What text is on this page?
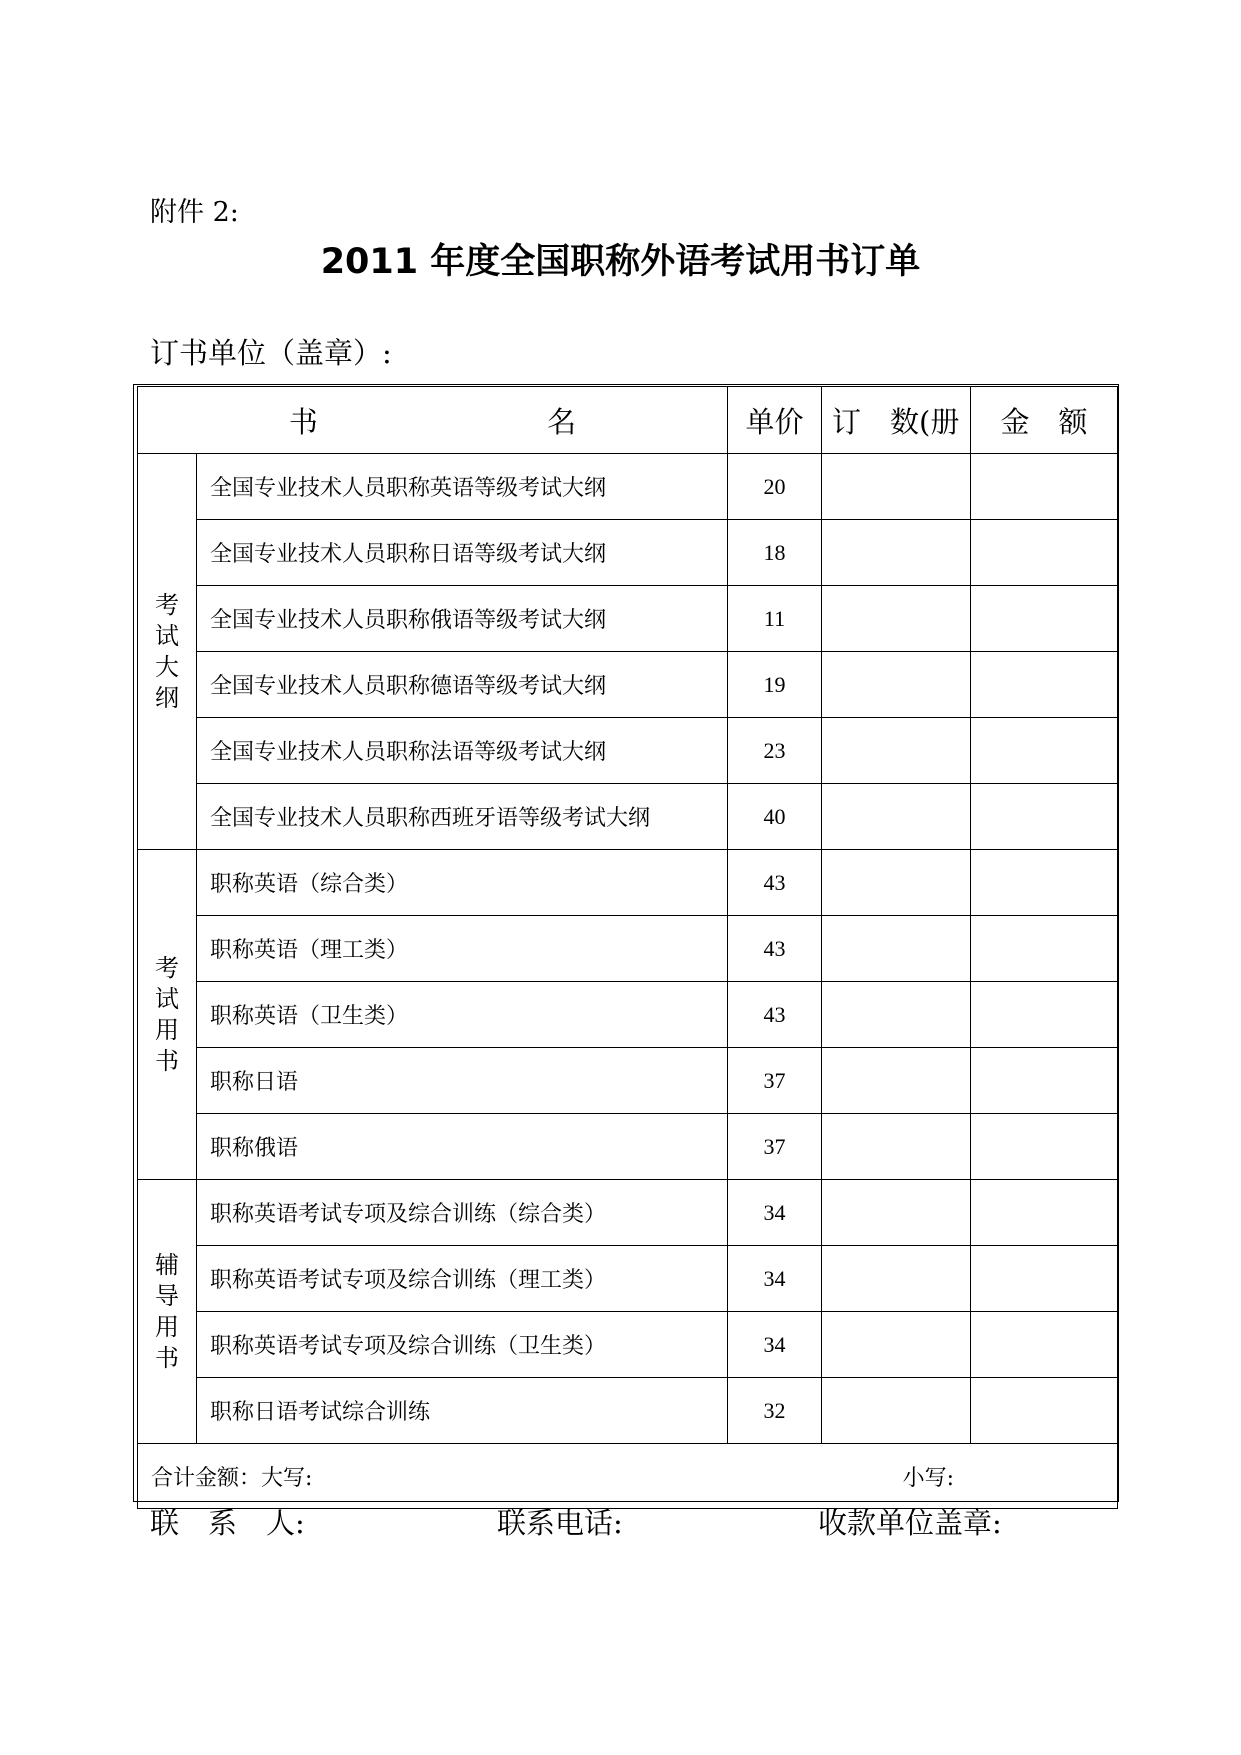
附件 2:
2011 年度全国职称外语考试用书订单
订书单位（盖章）:
书 名		单价	订　数(册	金　额

考
试
大
纲	全国专业技术人员职称英语等级考试大纲	20		
	全国专业技术人员职称日语等级考试大纲	18		
	全国专业技术人员职称俄语等级考试大纲	11		
	全国专业技术人员职称德语等级考试大纲	19		
	全国专业技术人员职称法语等级考试大纲	23		
	全国专业技术人员职称西班牙语等级考试大纲	40		

考
试
用
书	职称英语（综合类）	43		
	职称英语（理工类）	43		
	职称英语（卫生类）	43		
	职称日语	37		
	职称俄语	37		

辅
导
用
书	职称英语考试专项及综合训练（综合类）	34		
	职称英语考试专项及综合训练（理工类）	34		
	职称英语考试专项及综合训练（卫生类）	34		
	职称日语考试综合训练	32		

合计金额：大写: 小写:				
联　系　人:	联系电话:	收款单位盖章:
